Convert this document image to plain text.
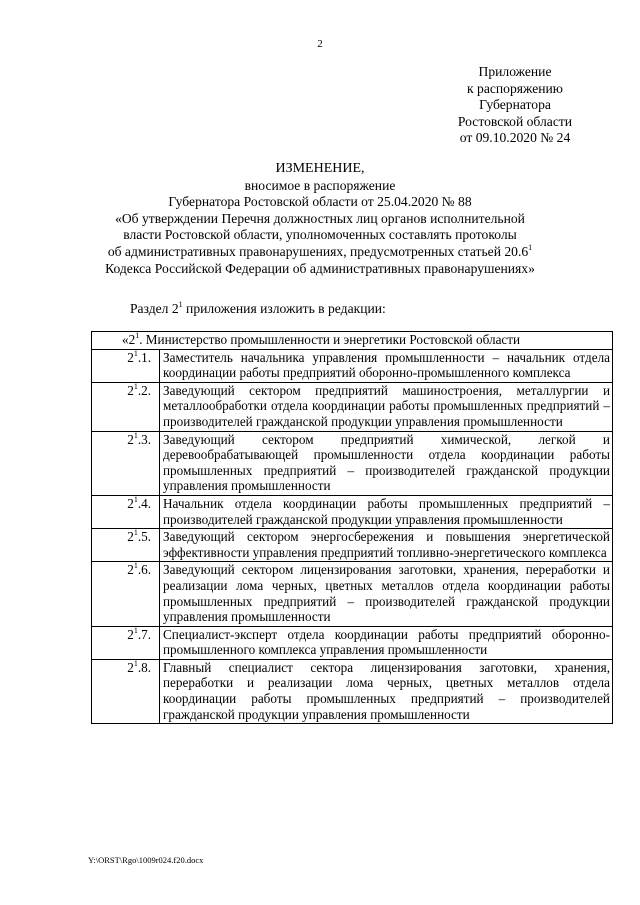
2
Приложение
к распоряжению
Губернатора
Ростовской области
от 09.10.2020 № 24
ИЗМЕНЕНИЕ,
вносимое в распоряжение
Губернатора Ростовской области от 25.04.2020 № 88
«Об утверждении Перечня должностных лиц органов исполнительной
власти Ростовской области, уполномоченных составлять протоколы
об административных правонарушениях, предусмотренных статьей 20.6$^1$
Кодекса Российской Федерации об административных правонарушениях»
Раздел $2^1$ приложения изложить в редакции:
«$2^1$. Министерство промышленности и энергетики Ростовской области	
$2^1.1$.	Заместитель начальника управления промышленности – начальник отдела координации работы предприятий оборонно-промышленного комплекса
$2^1.2$.	Заведующий сектором предприятий машиностроения, металлургии и металлообработки отдела координации работы промышленных предприятий – производителей гражданской продукции управления промышленности
$2^1.3$.	Заведующий сектором предприятий химической, легкой и деревообрабатывающей промышленности отдела координации работы промышленных предприятий – производителей гражданской продукции управления промышленности
$2^1.4$.	Начальник отдела координации работы промышленных предприятий – производителей гражданской продукции управления промышленности
$2^1.5$.	Заведующий сектором энергосбережения и повышения энергетической эффективности управления предприятий топливно-энергетического комплекса
$2^1.6$.	Заведующий сектором лицензирования заготовки, хранения, переработки и реализации лома черных, цветных металлов отдела координации работы промышленных предприятий – производителей гражданской продукции управления промышленности
$2^1.7$.	Специалист-эксперт отдела координации работы предприятий оборонно-промышленного комплекса управления промышленности
$2^1.8$.	Главный специалист сектора лицензирования заготовки, хранения, переработки и реализации лома черных, цветных металлов отдела координации работы промышленных предприятий – производителей гражданской продукции управления промышленности
Y:\ORST\Rgo\1009r024.f20.docx
